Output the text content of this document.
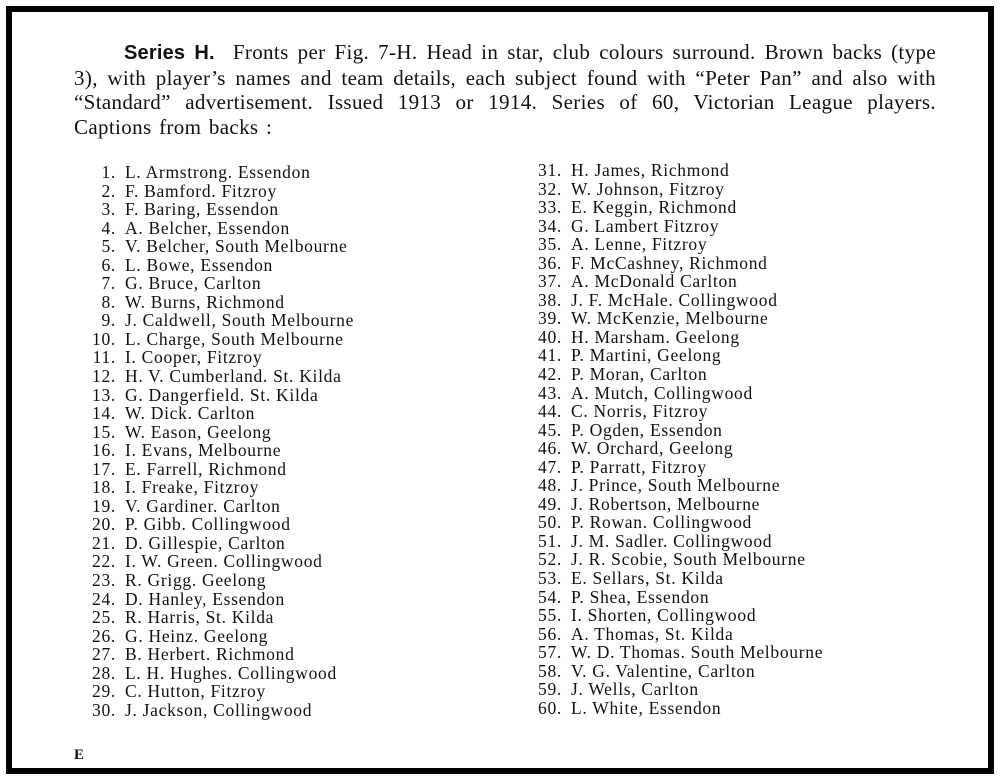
Series H. Fronts per Fig. 7-H. Head in star, club colours surround. Brown backs (type 3), with player’s names and team details, each subject found with “Peter Pan” and also with “Standard” advertisement. Issued 1913 or 1914. Series of 60, Victorian League players. Captions from backs :

1. L. Armstrong. Essendon
2. F. Bamford. Fitzroy
3. F. Baring, Essendon
4. A. Belcher, Essendon
5. V. Belcher, South Melbourne
6. L. Bowe, Essendon
7. G. Bruce, Carlton
8. W. Burns, Richmond
9. J. Caldwell, South Melbourne
10. L. Charge, South Melbourne
11. I. Cooper, Fitzroy
12. H. V. Cumberland. St. Kilda
13. G. Dangerfield. St. Kilda
14. W. Dick. Carlton
15. W. Eason, Geelong
16. I. Evans, Melbourne
17. E. Farrell, Richmond
18. I. Freake, Fitzroy
19. V. Gardiner. Carlton
20. P. Gibb. Collingwood
21. D. Gillespie, Carlton
22. I. W. Green. Collingwood
23. R. Grigg. Geelong
24. D. Hanley, Essendon
25. R. Harris, St. Kilda
26. G. Heinz. Geelong
27. B. Herbert. Richmond
28. L. H. Hughes. Collingwood
29. C. Hutton, Fitzroy
30. J. Jackson, Collingwood
31. H. James, Richmond
32. W. Johnson, Fitzroy
33. E. Keggin, Richmond
34. G. Lambert Fitzroy
35. A. Lenne, Fitzroy
36. F. McCashney, Richmond
37. A. McDonald Carlton
38. J. F. McHale. Collingwood
39. W. McKenzie, Melbourne
40. H. Marsham. Geelong
41. P. Martini, Geelong
42. P. Moran, Carlton
43. A. Mutch, Collingwood
44. C. Norris, Fitzroy
45. P. Ogden, Essendon
46. W. Orchard, Geelong
47. P. Parratt, Fitzroy
48. J. Prince, South Melbourne
49. J. Robertson, Melbourne
50. P. Rowan. Collingwood
51. J. M. Sadler. Collingwood
52. J. R. Scobie, South Melbourne
53. E. Sellars, St. Kilda
54. P. Shea, Essendon
55. I. Shorten, Collingwood
56. A. Thomas, St. Kilda
57. W. D. Thomas. South Melbourne
58. V. G. Valentine, Carlton
59. J. Wells, Carlton
60. L. White, Essendon
E
